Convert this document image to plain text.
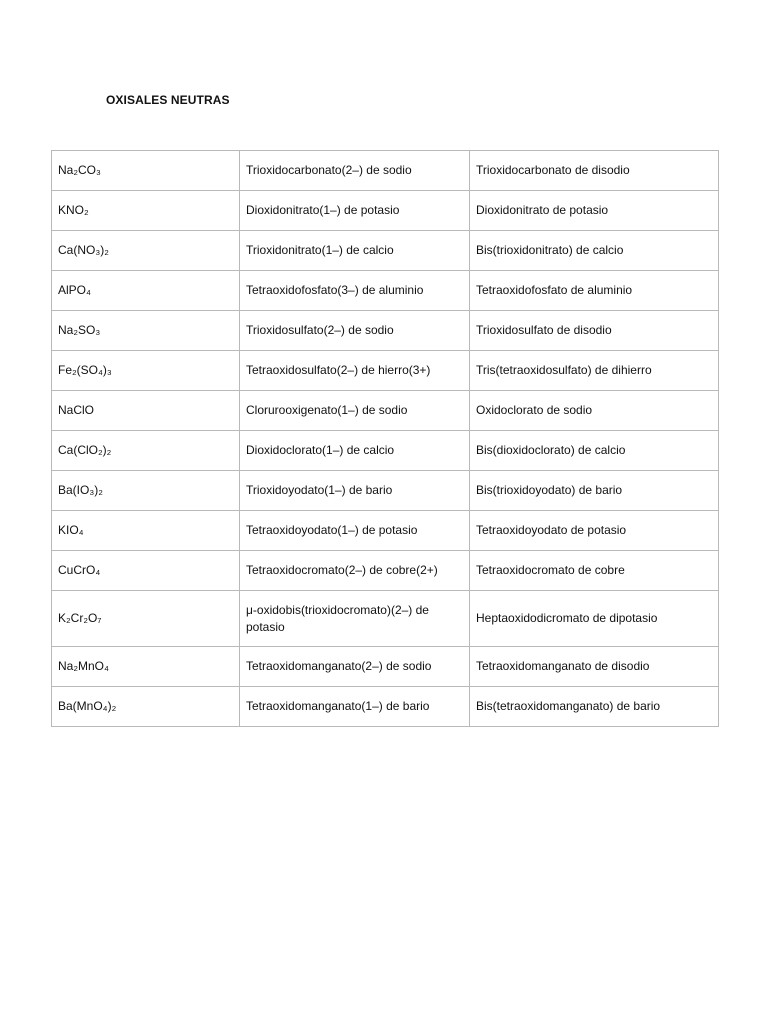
OXISALES NEUTRAS
Na₂CO₃	Trioxidocarbonato(2–) de sodio	Trioxidocarbonato de disodio
KNO₂	Dioxidonitrato(1–) de potasio	Dioxidonitrato de potasio
Ca(NO₃)₂	Trioxidonitrato(1–) de calcio	Bis(trioxidonitrato) de calcio
AlPO₄	Tetraoxidofosfato(3–) de aluminio	Tetraoxidofosfato de aluminio
Na₂SO₃	Trioxidosulfato(2–) de sodio	Trioxidosulfato de disodio
Fe₂(SO₄)₃	Tetraoxidosulfato(2–) de hierro(3+)	Tris(tetraoxidosulfato) de dihierro
NaClO	Clorurooxigenato(1–) de sodio	Oxidoclorato de sodio
Ca(ClO₂)₂	Dioxidoclorato(1–) de calcio	Bis(dioxidoclorato) de calcio
Ba(IO₃)₂	Trioxidoyodato(1–) de bario	Bis(trioxidoyodato) de bario
KIO₄	Tetraoxidoyodato(1–) de potasio	Tetraoxidoyodato de potasio
CuCrO₄	Tetraoxidocromato(2–) de cobre(2+)	Tetraoxidocromato de cobre
K₂Cr₂O₇	μ-oxidobis(trioxidocromato)(2–) de potasio	Heptaoxidodicromato de dipotasio
Na₂MnO₄	Tetraoxidomanganato(2–) de sodio	Tetraoxidomanganato de disodio
Ba(MnO₄)₂	Tetraoxidomanganato(1–) de bario	Bis(tetraoxidomanganato) de bario
